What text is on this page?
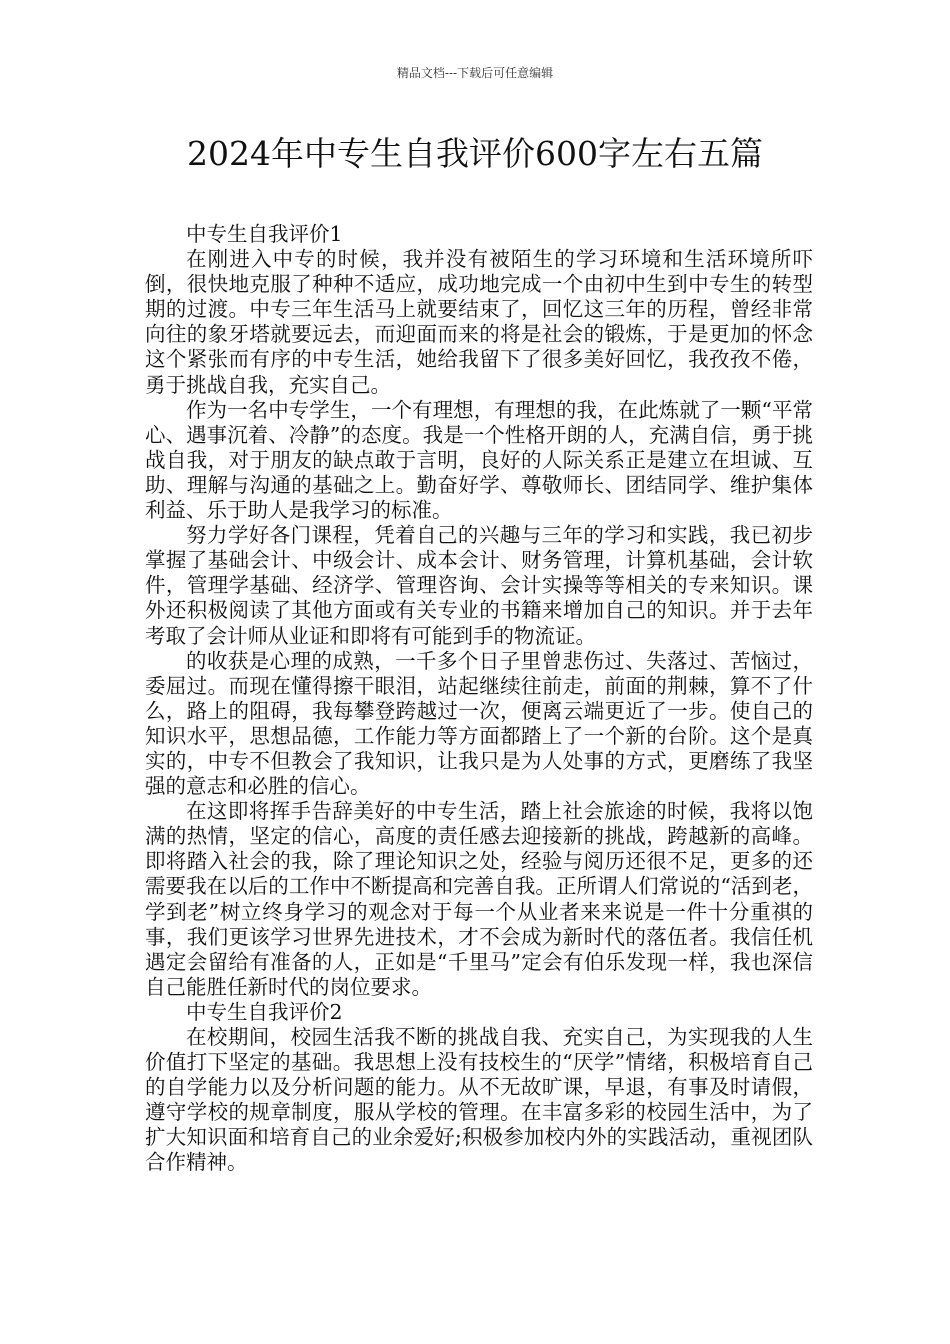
精品文档---下载后可任意编辑
2024年中专生自我评价600字左右五篇
中专生自我评价1

在刚进入中专的时候，我并没有被陌生的学习环境和生活环境所吓倒，很快地克服了种种不适应，成功地完成一个由初中生到中专生的转型期的过渡。中专三年生活马上就要结束了，回忆这三年的历程，曾经非常向往的象牙塔就要远去，而迎面而来的将是社会的锻炼，于是更加的怀念这个紧张而有序的中专生活，她给我留下了很多美好回忆，我孜孜不倦，勇于挑战自我，充实自己。

作为一名中专学生，一个有理想，有理想的我，在此炼就了一颗“平常心、遇事沉着、冷静”的态度。我是一个性格开朗的人，充满自信，勇于挑战自我，对于朋友的缺点敢于言明，良好的人际关系正是建立在坦诚、互助、理解与沟通的基础之上。勤奋好学、尊敬师长、团结同学、维护集体利益、乐于助人是我学习的标准。

努力学好各门课程，凭着自己的兴趣与三年的学习和实践，我已初步掌握了基础会计、中级会计、成本会计、财务管理，计算机基础，会计软件，管理学基础、经济学、管理咨询、会计实操等等相关的专来知识。课外还积极阅读了其他方面或有关专业的书籍来增加自己的知识。并于去年考取了会计师从业证和即将有可能到手的物流证。

的收获是心理的成熟，一千多个日子里曾悲伤过、失落过、苦恼过，委屈过。而现在懂得擦干眼泪，站起继续往前走，前面的荆棘，算不了什么，路上的阻碍，我每攀登跨越过一次，便离云端更近了一步。使自己的知识水平，思想品德，工作能力等方面都踏上了一个新的台阶。这个是真实的，中专不但教会了我知识，让我只是为人处事的方式，更磨练了我坚强的意志和必胜的信心。

在这即将挥手告辞美好的中专生活，踏上社会旅途的时候，我将以饱满的热情，坚定的信心，高度的责任感去迎接新的挑战，跨越新的高峰。即将踏入社会的我，除了理论知识之处，经验与阅历还很不足，更多的还需要我在以后的工作中不断提高和完善自我。正所谓人们常说的“活到老，学到老”树立终身学习的观念对于每一个从业者来来说是一件十分重祺的事，我们更该学习世界先进技术，才不会成为新时代的落伍者。我信任机遇定会留给有准备的人，正如是“千里马”定会有伯乐发现一样，我也深信自己能胜任新时代的岗位要求。

中专生自我评价2

在校期间，校园生活我不断的挑战自我、充实自己，为实现我的人生价值打下坚定的基础。我思想上没有技校生的“厌学”情绪，积极培育自己的自学能力以及分析问题的能力。从不无故旷课，早退，有事及时请假，遵守学校的规章制度，服从学校的管理。在丰富多彩的校园生活中，为了扩大知识面和培育自己的业余爱好;积极参加校内外的实践活动，重视团队合作精神。
